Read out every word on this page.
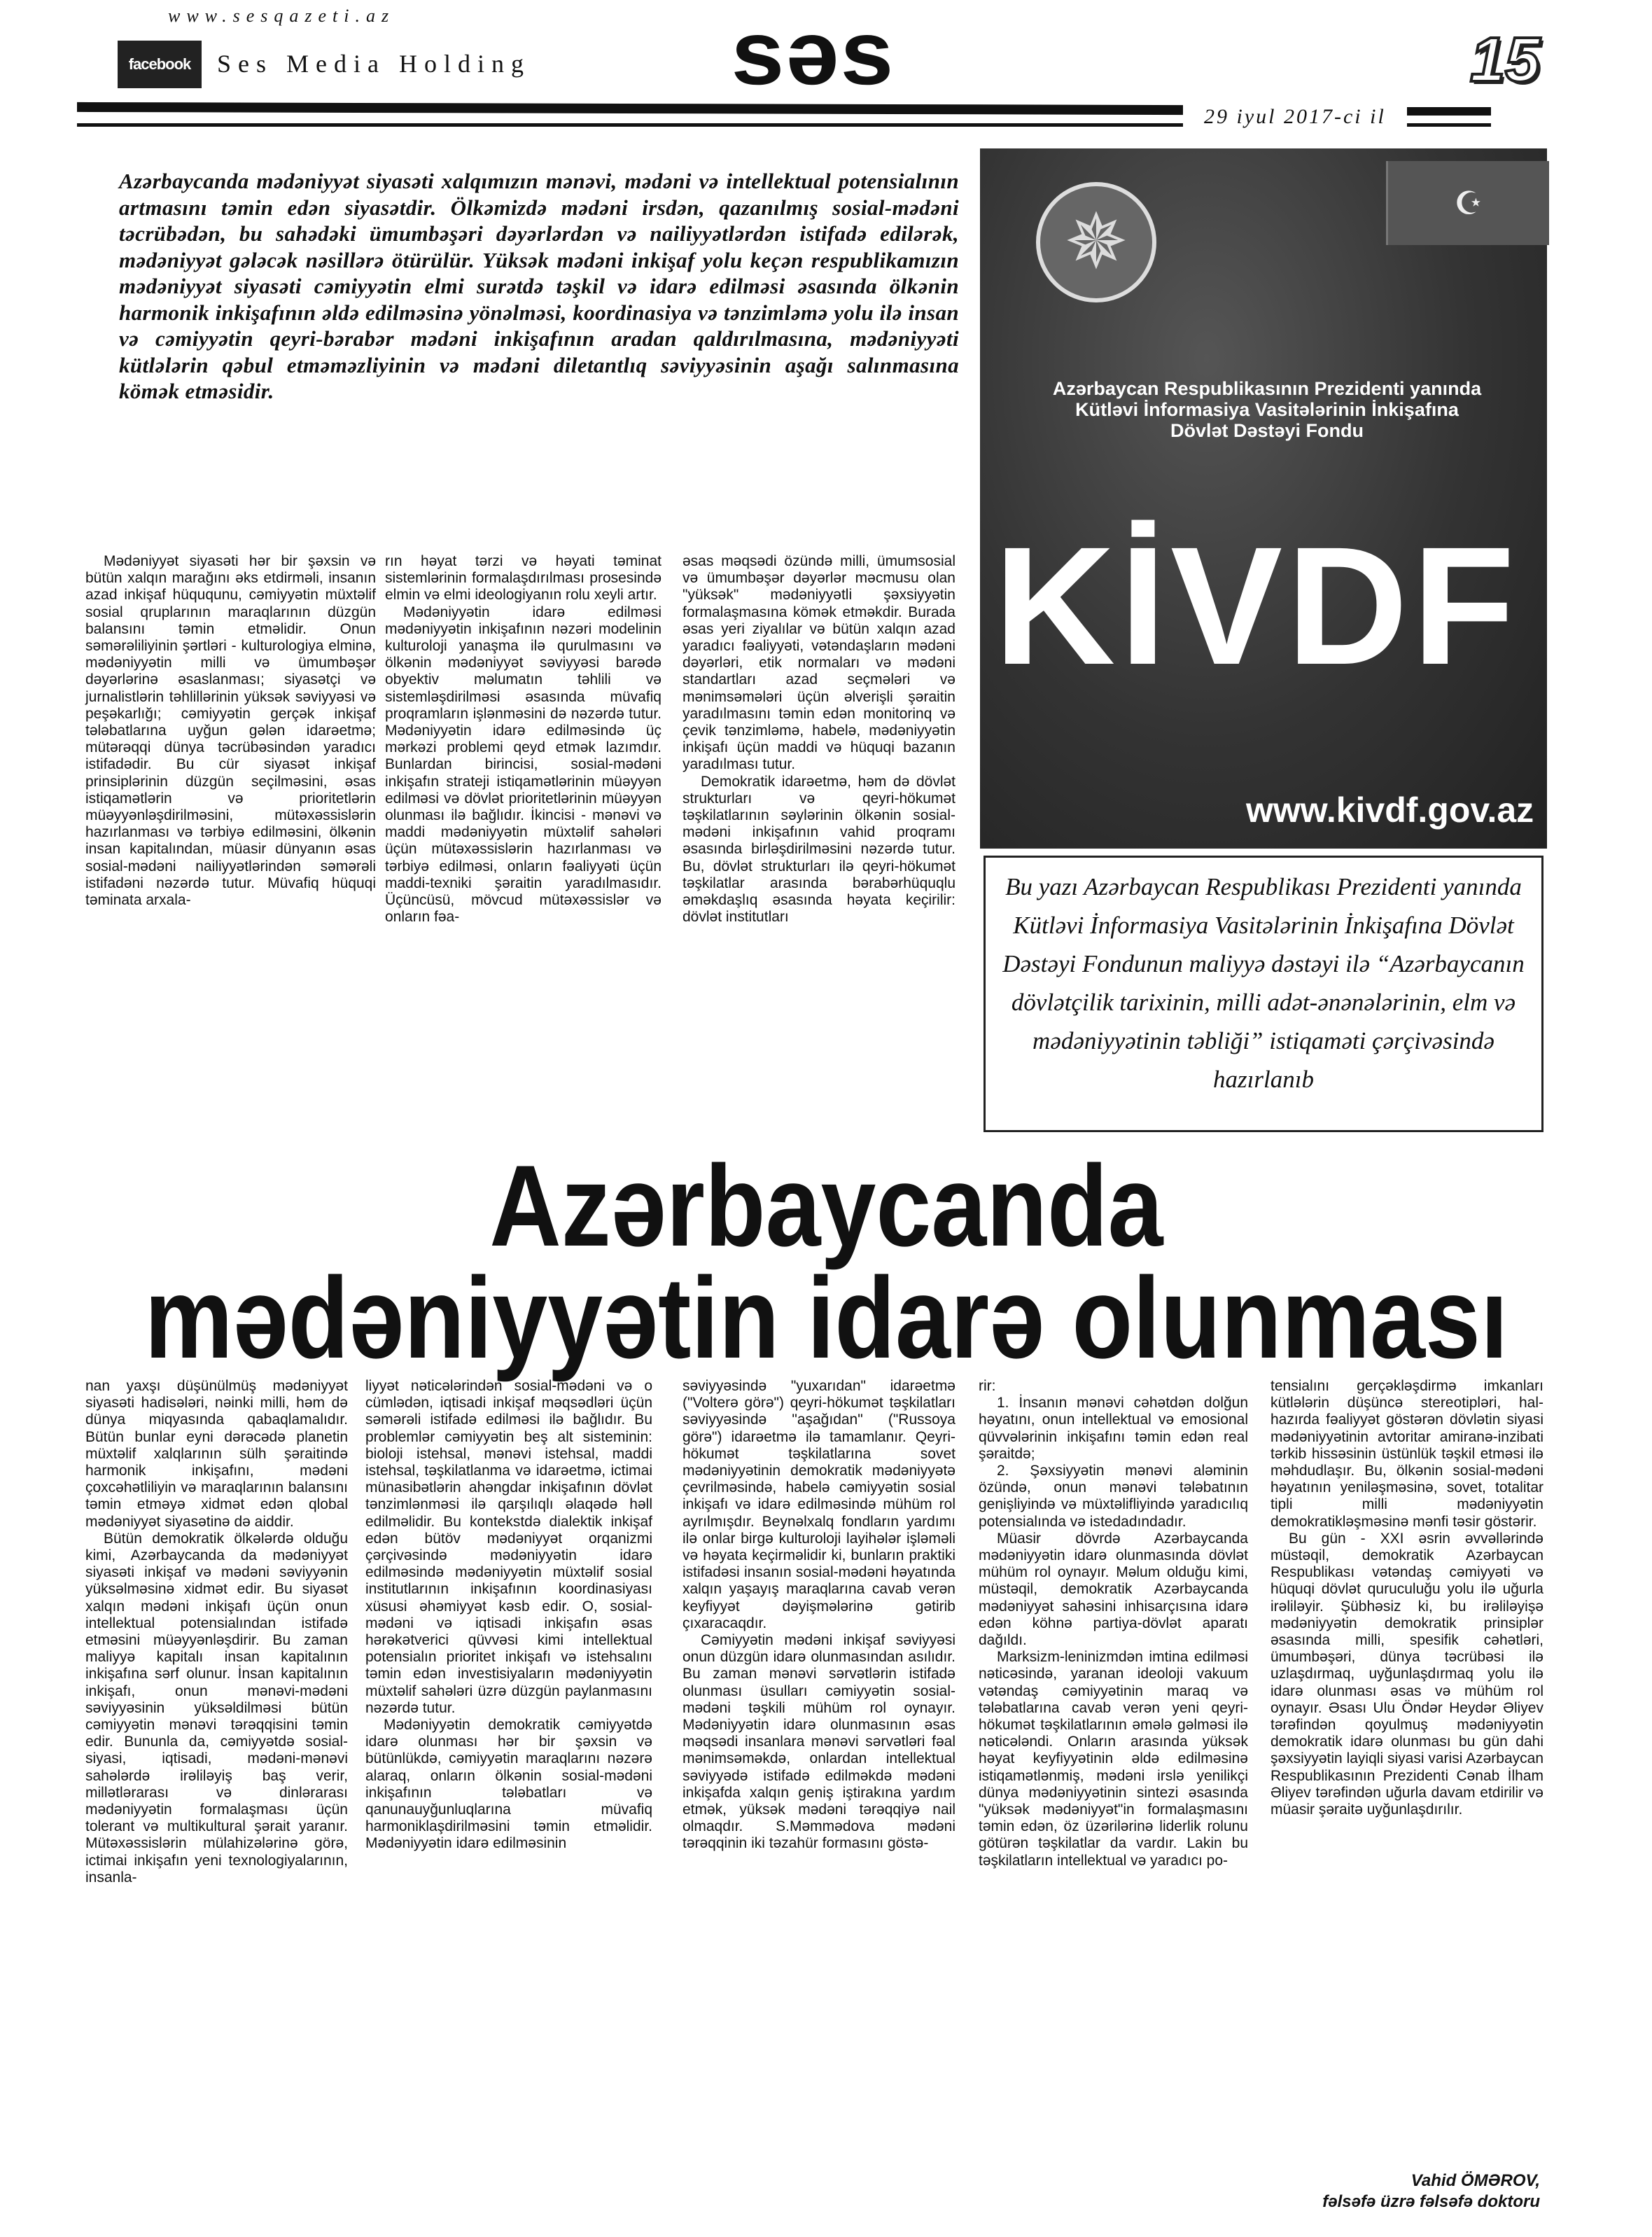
www.sesqazeti.az
facebook	Ses Media Holding səs	15
29 iyul 2017-ci il
Azərbaycanda mədəniyyət siyasəti xalqımızın mənəvi, mədəni və intellektual potensialının artmasını təmin edən siyasətdir. Ölkəmizdə mədəni irsdən, qazanılmış sosial-mədəni təcrübədən, bu sahədəki ümumbəşəri dəyərlərdən və nailiyyətlərdən istifadə edilərək, mədəniyyət gələcək nəsillərə ötürülür. Yüksək mədəni inkişaf yolu keçən respublikamızın mədəniyyət siyasəti cəmiyyətin elmi surətdə təşkil və idarə edilməsi əsasında ölkənin harmonik inkişafının əldə edilməsinə yönəlməsi, koordinasiya və tənzimləmə yolu ilə insan və cəmiyyətin qeyri-bərabər mədəni inkişafının aradan qaldırılmasına, mədəniyyəti kütlələrin qəbul etməməzliyinin və mədəni diletantlıq səviyyəsinin aşağı salınmasına kömək etməsidir.

Mədəniyyət siyasəti hər bir şəxsin və bütün xalqın marağını əks etdirməli, insanın azad inkişaf hüququnu, cəmiyyətin müxtəlif sosial qruplarının maraqlarının düzgün balansını təmin etməlidir. Onun səmərəliliyinin şərtləri - kulturologiya elminə, mədəniyyətin milli və ümumbəşər dəyərlərinə əsaslanması; siyasətçi və jurnalistlərin təhlillərinin yüksək səviyyəsi və peşəkarlığı; cəmiyyətin gerçək inkişaf tələbatlarına uyğun gələn idarəetmə; mütərəqqi dünya təcrübəsindən yaradıcı istifadədir. Bu cür siyasət inkişaf prinsiplərinin düzgün seçilməsini, əsas istiqamətlərin və prioritetlərin müəyyənləşdirilməsini, mütəxəssislərin hazırlanması və tərbiyə edilməsini, ölkənin insan kapitalından, müasir dünyanın əsas sosial-mədəni nailiyyətlərindən səmərəli istifadəni nəzərdə tutur. Müvafiq hüquqi təminata arxala-

rın həyat tərzi və həyati təminat sistemlərinin formalaşdırılması prosesində elmin və elmi ideologiyanın rolu xeyli artır.

Mədəniyyətin idarə edilməsi mədəniyyətin inkişafının nəzəri modelinin kulturoloji yanaşma ilə qurulmasını və ölkənin mədəniyyət səviyyəsi barədə obyektiv məlumatın təhlili və sistemləşdirilməsi əsasında müvafiq proqramların işlənməsini də nəzərdə tutur. Mədəniyyətin idarə edilməsində üç mərkəzi problemi qeyd etmək lazımdır. Bunlardan birincisi, sosial-mədəni inkişafın strateji istiqamətlərinin müəyyən edilməsi və dövlət prioritetlərinin müəyyən olunması ilə bağlıdır. İkincisi - mənəvi və maddi mədəniyyətin müxtəlif sahələri üçün mütəxəssislərin hazırlanması və tərbiyə edilməsi, onların fəaliyyəti üçün maddi-texniki şəraitin yaradılmasıdır. Üçüncüsü, mövcud mütəxəssislər və onların fəa-

əsas məqsədi özündə milli, ümumsosial və ümumbəşər dəyərlər məcmusu olan "yüksək" mədəniyyətli şəxsiyyətin formalaşmasına kömək etməkdir. Burada əsas yeri ziyalılar və bütün xalqın azad yaradıcı fəaliyyəti, vətəndaşların mədəni dəyərləri, etik normaları və mədəni standartları azad seçmələri və mənimsəmələri üçün əlverişli şəraitin yaradılmasını təmin edən monitorinq və çevik tənzimləmə, habelə, mədəniyyətin inkişafı üçün maddi və hüquqi bazanın yaradılması tutur.

Demokratik idarəetmə, həm də dövlət strukturları və qeyri-hökumət təşkilatlarının səylərinin ölkənin sosial-mədəni inkişafının vahid proqramı əsasında birləşdirilməsini nəzərdə tutur. Bu, dövlət strukturları ilə qeyri-hökumət təşkilatlar arasında bərabərhüquqlu əməkdaşlıq əsasında həyata keçirilir: dövlət institutları

✵	☪
Azərbaycan Respublikasının Prezidenti yanında
Kütləvi İnformasiya Vasitələrinin İnkişafına
Dövlət Dəstəyi Fondu
KİVDF
www.kivdf.gov.az
Bu yazı Azərbaycan Respublikası Prezidenti yanında Kütləvi İnformasiya Vasitələrinin İnkişafına Dövlət Dəstəyi Fondunun maliyyə dəstəyi ilə “Azərbaycanın dövlətçilik tarixinin, milli adət-ənənələrinin, elm və mədəniyyətinin təbliği” istiqaməti çərçivəsində hazırlanıb
Azərbaycanda
mədəniyyətin idarə olunması

nan yaxşı düşünülmüş mədəniyyət siyasəti hadisələri, nəinki milli, həm də dünya miqyasında qabaqlamalıdır. Bütün bunlar eyni dərəcədə planetin müxtəlif xalqlarının sülh şəraitində harmonik inkişafını, mədəni çoxcəhətliliyin və maraqlarının balansını təmin etməyə xidmət edən qlobal mədəniyyət siyasətinə də aiddir.

Bütün demokratik ölkələrdə olduğu kimi, Azərbaycanda da mədəniyyət siyasəti inkişaf və mədəni səviyyənin yüksəlməsinə xidmət edir. Bu siyasət xalqın mədəni inkişafı üçün onun intellektual potensialından istifadə etməsini müəyyənləşdirir. Bu zaman maliyyə kapitalı insan kapitalının inkişafına sərf olunur. İnsan kapitalının inkişafı, onun mənəvi-mədəni səviyyəsinin yüksəldilməsi bütün cəmiyyətin mənəvi tərəqqisini təmin edir. Bununla da, cəmiyyətdə sosial-siyasi, iqtisadi, mədəni-mənəvi sahələrdə irəliləyiş baş verir, millətlərarası və dinlərarası mədəniyyətin formalaşması üçün tolerant və multikultural şərait yaranır. Mütəxəssislərin mülahizələrinə görə, ictimai inkişafın yeni texnologiyalarının, insanla-

liyyət nəticələrindən sosial-mədəni və o cümlədən, iqtisadi inkişaf məqsədləri üçün səmərəli istifadə edilməsi ilə bağlıdır. Bu problemlər cəmiyyətin beş alt sisteminin: bioloji istehsal, mənəvi istehsal, maddi istehsal, təşkilatlanma və idarəetmə, ictimai münasibətlərin ahəngdar inkişafının dövlət tənzimlənməsi ilə qarşılıqlı əlaqədə həll edilməlidir. Bu kontekstdə dialektik inkişaf edən bütöv mədəniyyət orqanizmi çərçivəsində mədəniyyətin idarə edilməsində mədəniyyətin müxtəlif sosial institutlarının inkişafının koordinasiyası xüsusi əhəmiyyət kəsb edir. O, sosial-mədəni və iqtisadi inkişafın əsas hərəkətverici qüvvəsi kimi intellektual potensialın prioritet inkişafı və istehsalını təmin edən investisiyaların mədəniyyətin müxtəlif sahələri üzrə düzgün paylanmasını nəzərdə tutur.

Mədəniyyətin demokratik cəmiyyətdə idarə olunması hər bir şəxsin və bütünlükdə, cəmiyyətin maraqlarını nəzərə alaraq, onların ölkənin sosial-mədəni inkişafının tələbatları və qanunauyğunluqlarına müvafiq harmoniklaşdirilməsini təmin etməlidir. Mədəniyyətin idarə edilməsinin

səviyyəsində "yuxarıdan" idarəetmə ("Volterə görə") qeyri-hökumət təşkilatları səviyyəsində "aşağıdan" ("Russoya görə") idarəetmə ilə tamamlanır. Qeyri-hökumət təşkilatlarına sovet mədəniyyətinin demokratik mədəniyyətə çevrilməsində, habelə cəmiyyətin sosial inkişafı və idarə edilməsində mühüm rol ayrılmışdır. Beynəlxalq fondların yardımı ilə onlar birgə kulturoloji layihələr işləməli və həyata keçirməlidir ki, bunların praktiki istifadəsi insanın sosial-mədəni həyatında xalqın yaşayış maraqlarına cavab verən keyfiyyət dəyişmələrinə gətirib çıxaracaqdır.

Cəmiyyətin mədəni inkişaf səviyyəsi onun düzgün idarə olunmasından asılıdır. Bu zaman mənəvi sərvətlərin istifadə olunması üsulları cəmiyyətin sosial-mədəni təşkili mühüm rol oynayır. Mədəniyyətin idarə olunmasının əsas məqsədi insanlara mənəvi sərvətləri fəal mənimsəməkdə, onlardan intellektual səviyyədə istifadə edilməkdə mədəni inkişafda xalqın geniş iştirakına yardım etmək, yüksək mədəni tərəqqiyə nail olmaqdır. S.Məmmədova mədəni tərəqqinin iki təzahür formasını göstə-

rir:

1. İnsanın mənəvi cəhətdən dolğun həyatını, onun intellektual və emosional qüvvələrinin inkişafını təmin edən real şəraitdə;

2. Şəxsiyyətin mənəvi aləminin özündə, onun mənəvi tələbatının genişliyində və müxtəlifliyində yaradıcılıq potensialında və istedadındadır.

Müasir dövrdə Azərbaycanda mədəniyyətin idarə olunmasında dövlət mühüm rol oynayır. Məlum olduğu kimi, müstəqil, demokratik Azərbaycanda mədəniyyət sahəsini inhisarçısına idarə edən köhnə partiya-dövlət aparatı dağıldı.

Marksizm-leninizmdən imtina edilməsi nəticəsində, yaranan ideoloji vakuum vətəndaş cəmiyyətinin maraq və tələbatlarına cavab verən yeni qeyri-hökumət təşkilatlarının əmələ gəlməsi ilə nəticələndi. Onların arasında yüksək həyat keyfiyyətinin əldə edilməsinə istiqamətlənmiş, mədəni irslə yenilikçi dünya mədəniyyətinin sintezi əsasında "yüksək mədəniyyət"in formalaşmasını təmin edən, öz üzərilərinə liderlik rolunu götürən təşkilatlar da vardır. Lakin bu təşkilatların intellektual və yaradıcı po-

tensialını gerçəkləşdirmə imkanları kütlələrin düşüncə stereotipləri, hal-hazırda fəaliyyət göstərən dövlətin siyasi mədəniyyətinin avtoritar amiranə-inzibati tərkib hissəsinin üstünlük təşkil etməsi ilə məhdudlaşır. Bu, ölkənin sosial-mədəni həyatının yeniləşməsinə, sovet, totalitar tipli milli mədəniyyətin demokratikləşməsinə mənfi təsir göstərir.

Bu gün - XXI əsrin əvvəllərində müstəqil, demokratik Azərbaycan Respublikası vətəndaş cəmiyyəti və hüquqi dövlət quruculuğu yolu ilə uğurla irəliləyir. Şübhəsiz ki, bu irəliləyişə mədəniyyətin demokratik prinsiplər əsasında milli, spesifik cəhətləri, ümumbəşəri, dünya təcrübəsi ilə uzlaşdırmaq, uyğunlaşdırmaq yolu ilə idarə olunması əsas və mühüm rol oynayır. Əsası Ulu Öndər Heydər Əliyev tərəfindən qoyulmuş mədəniyyətin demokratik idarə olunması bu gün dahi şəxsiyyətin layiqli siyasi varisi Azərbaycan Respublikasının Prezidenti Cənab İlham Əliyev tərəfindən uğurla davam etdirilir və müasir şəraitə uyğunlaşdırılır.

Vahid ÖMƏROV,
fəlsəfə üzrə fəlsəfə doktoru
